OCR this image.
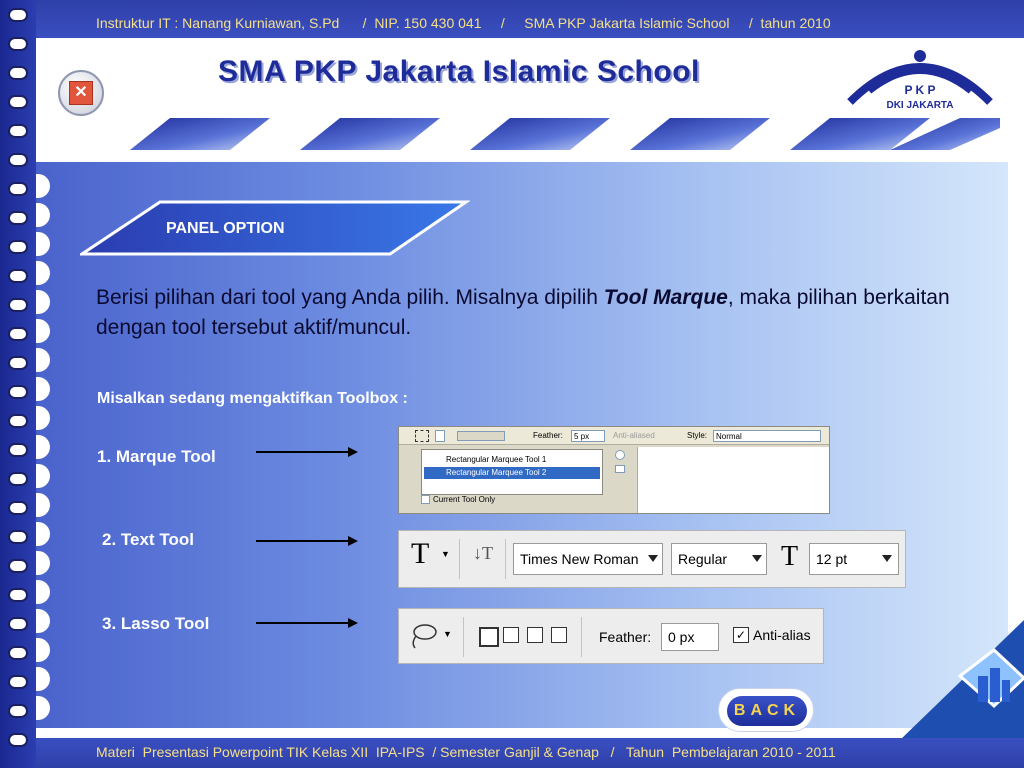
Instruktur IT : Nanang Kurniawan, S.Pd      /  NIP. 150 430 041     /     SMA PKP Jakarta Islamic School     /  tahun 2010
✕
SMA PKP Jakarta Islamic School
P K P
DKI JAKARTA
PANEL OPTION

Berisi pilihan dari tool yang Anda pilih. Misalnya dipilih Tool Marque, maka pilihan berkaitan dengan tool tersebut aktif/muncul.

Misalkan sedang mengaktifkan Toolbox :
1. Marque Tool
2. Text Tool
3. Lasso Tool
Feather: 5 px	Anti-aliased	Style: Normal
Rectangular Marquee Tool 1
Rectangular Marquee Tool 2
Current Tool Only
T ▼ ↓T	Times New Roman	Regular	T	12 pt
▼	Feather:	0 px	✓ Anti-alias
BACK
Materi  Presentasi Powerpoint TIK Kelas XII  IPA-IPS  / Semester Ganjil & Genap   /   Tahun  Pembelajaran 2010 - 2011
